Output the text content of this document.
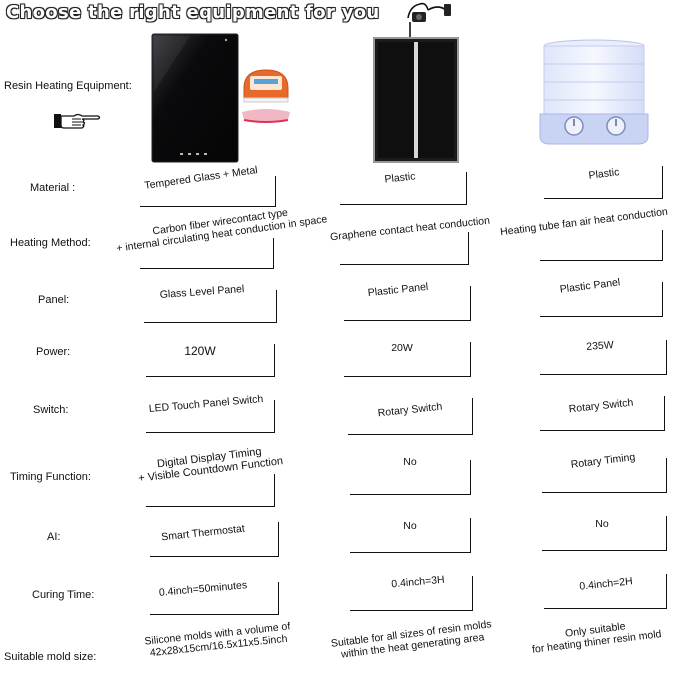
Choose the right equipment for you
Resin Heating Equipment:
Material :
Heating Method:
Panel:
Power:
Switch:
Timing Function:
AI:
Curing Time:
Suitable mold size:
Tempered Glass + Metal
Carbon fiber wirecontact type
+ internal circulating heat conduction in space
Glass Level Panel
120W
LED Touch Panel Switch
Digital Display Timing
+ Visible Countdown Function
Smart Thermostat
0.4inch=50minutes
Silicone molds with a volume of
42x28x15cm/16.5x11x5.5inch
Plastic
Graphene contact heat conduction
Plastic Panel
20W
Rotary Switch
No
No
0.4inch=3H
Suitable for all sizes of resin molds
within the heat generating area
Plastic
Heating tube fan air heat conduction
Plastic Panel
235W
Rotary Switch
Rotary Timing
No
0.4inch=2H
Only suitable
for heating thiner resin mold
